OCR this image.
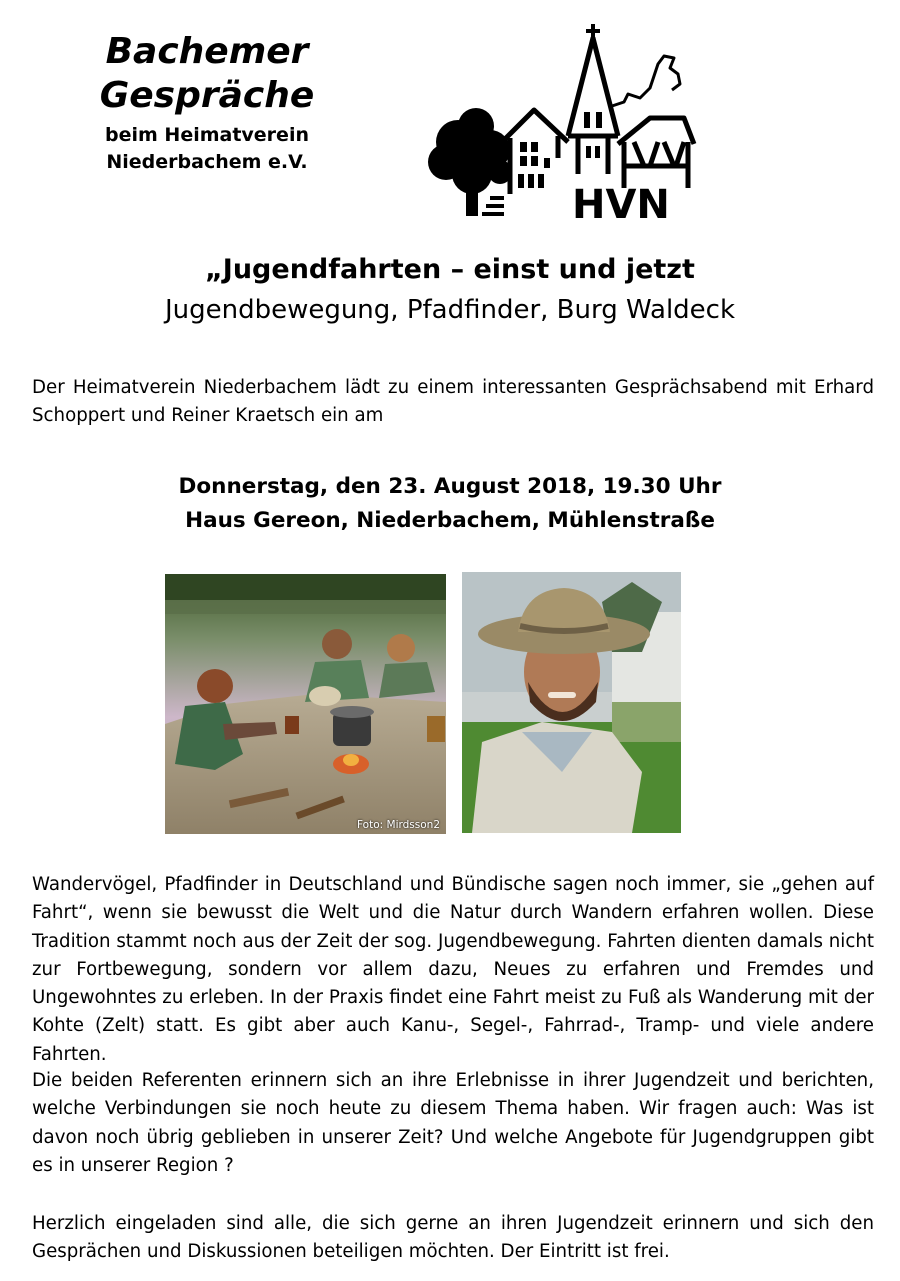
Bachemer
Gespräche
beim Heimatverein
Niederbachem e.V.
©	HVN
„Jugendfahrten – einst und jetzt
Jugendbewegung, Pfadfinder, Burg Waldeck

Der Heimatverein Niederbachem lädt zu einem interessanten Gesprächsabend mit Erhard Schoppert und Reiner Kraetsch ein am

Donnerstag, den 23. August 2018, 19.30 Uhr
Haus Gereon, Niederbachem, Mühlenstraße
Foto: Mirdsson2

Wandervögel, Pfadfinder in Deutschland und Bündische sagen noch immer, sie „gehen auf Fahrt“, wenn sie bewusst die Welt und die Natur durch Wandern erfahren wollen. Diese Tradition stammt noch aus der Zeit der sog. Jugendbewegung. Fahrten dienten damals nicht zur Fortbewegung, sondern vor allem dazu, Neues zu erfahren und Fremdes und Ungewohntes zu erleben. In der Praxis findet eine Fahrt meist zu Fuß als Wanderung mit der Kohte (Zelt) statt. Es gibt aber auch Kanu-, Segel-, Fahrrad-, Tramp- und viele andere Fahrten.

Die beiden Referenten erinnern sich an ihre Erlebnisse in ihrer Jugendzeit und berichten, welche Verbindungen sie noch heute zu diesem Thema haben. Wir fragen auch: Was ist davon noch übrig geblieben in unserer Zeit? Und welche Angebote für Jugendgruppen gibt es in unserer Region ?

Herzlich eingeladen sind alle, die sich gerne an ihren Jugendzeit erinnern und sich den Gesprächen und Diskussionen beteiligen möchten. Der Eintritt ist frei.
